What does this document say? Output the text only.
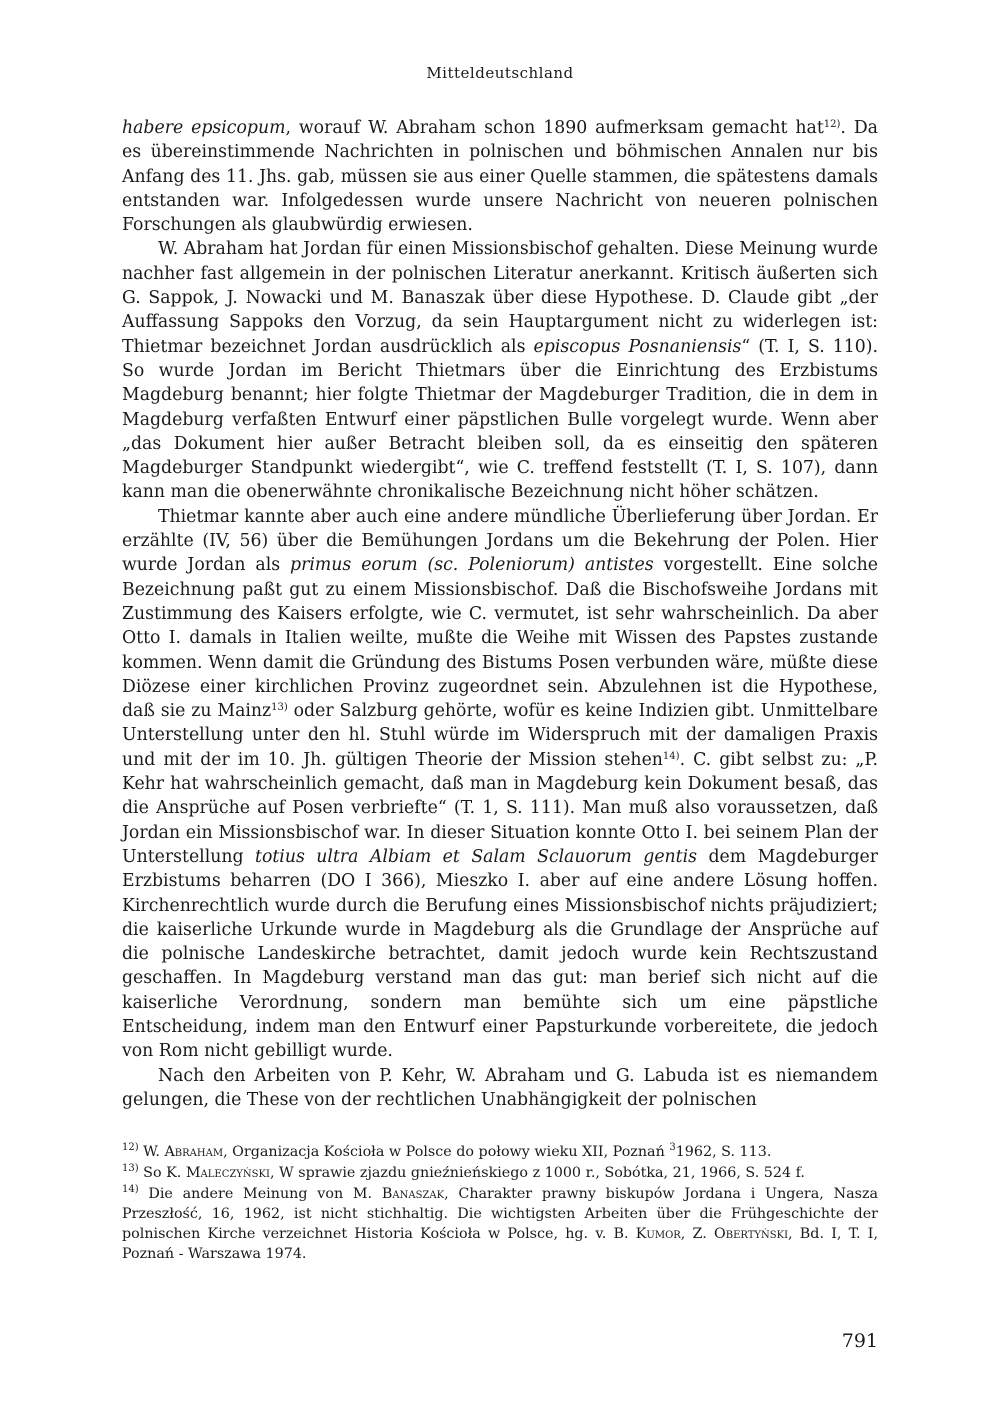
Mitteldeutschland

habere epsicopum, worauf W. Abraham schon 1890 aufmerksam gemacht hat$^{12)}$. Da es übereinstimmende Nachrichten in polnischen und böhmischen Annalen nur bis Anfang des 11. Jhs. gab, müssen sie aus einer Quelle stammen, die spätestens damals entstanden war. Infolgedessen wurde unsere Nachricht von neueren polnischen Forschungen als glaubwürdig erwiesen.

W. Abraham hat Jordan für einen Missionsbischof gehalten. Diese Meinung wurde nachher fast allgemein in der polnischen Literatur anerkannt. Kritisch äußerten sich G. Sappok, J. Nowacki und M. Banaszak über diese Hypothese. D. Claude gibt „der Auffassung Sappoks den Vorzug, da sein Hauptargument nicht zu widerlegen ist: Thietmar bezeichnet Jordan ausdrücklich als episcopus Posnaniensis“ (T. I, S. 110). So wurde Jordan im Bericht Thietmars über die Einrichtung des Erzbistums Magdeburg benannt; hier folgte Thietmar der Magdeburger Tradition, die in dem in Magdeburg verfaßten Entwurf einer päpstlichen Bulle vorgelegt wurde. Wenn aber „das Dokument hier außer Betracht bleiben soll, da es einseitig den späteren Magdeburger Standpunkt wiedergibt“, wie C. treffend feststellt (T. I, S. 107), dann kann man die obenerwähnte chronikalische Bezeichnung nicht höher schätzen.

Thietmar kannte aber auch eine andere mündliche Überlieferung über Jordan. Er erzählte (IV, 56) über die Bemühungen Jordans um die Bekehrung der Polen. Hier wurde Jordan als primus eorum (sc. Poleniorum) antistes vorgestellt. Eine solche Bezeichnung paßt gut zu einem Missionsbischof. Daß die Bischofsweihe Jordans mit Zustimmung des Kaisers erfolgte, wie C. vermutet, ist sehr wahrscheinlich. Da aber Otto I. damals in Italien weilte, mußte die Weihe mit Wissen des Papstes zustande kommen. Wenn damit die Gründung des Bistums Posen verbunden wäre, müßte diese Diözese einer kirchlichen Provinz zugeordnet sein. Abzulehnen ist die Hypothese, daß sie zu Mainz$^{13)}$ oder Salzburg gehörte, wofür es keine Indizien gibt. Unmittelbare Unterstellung unter den hl. Stuhl würde im Widerspruch mit der damaligen Praxis und mit der im 10. Jh. gültigen Theorie der Mission stehen$^{14)}$. C. gibt selbst zu: „P. Kehr hat wahrscheinlich gemacht, daß man in Magdeburg kein Dokument besaß, das die Ansprüche auf Posen verbriefte“ (T. 1, S. 111). Man muß also voraussetzen, daß Jordan ein Missionsbischof war. In dieser Situation konnte Otto I. bei seinem Plan der Unterstellung totius ultra Albiam et Salam Sclauorum gentis dem Magdeburger Erzbistums beharren (DO I 366), Mieszko I. aber auf eine andere Lösung hoffen. Kirchenrechtlich wurde durch die Berufung eines Missionsbischof nichts präjudiziert; die kaiserliche Urkunde wurde in Magdeburg als die Grundlage der Ansprüche auf die polnische Landeskirche betrachtet, damit jedoch wurde kein Rechtszustand geschaffen. In Magdeburg verstand man das gut: man berief sich nicht auf die kaiserliche Verordnung, sondern man bemühte sich um eine päpstliche Entscheidung, indem man den Entwurf einer Papsturkunde vorbereitete, die jedoch von Rom nicht gebilligt wurde.

Nach den Arbeiten von P. Kehr, W. Abraham und G. Labuda ist es niemandem gelungen, die These von der rechtlichen Unabhängigkeit der polnischen

$^{12)}$ W. Abraham, Organizacja Kościoła w Polsce do połowy wieku XII, Poznań $^3$1962, S. 113.

$^{13)}$ So K. Maleczyński, W sprawie zjazdu gnieźnieńskiego z 1000 r., Sobótka, 21, 1966, S. 524 f.

$^{14)}$ Die andere Meinung von M. Banaszak, Charakter prawny biskupów Jordana i Ungera, Nasza Przeszłość, 16, 1962, ist nicht stichhaltig. Die wichtigsten Arbeiten über die Frühgeschichte der polnischen Kirche verzeichnet Historia Kościoła w Polsce, hg. v. B. Kumor, Z. Obertyński, Bd. I, T. I, Poznań - Warszawa 1974.

791
